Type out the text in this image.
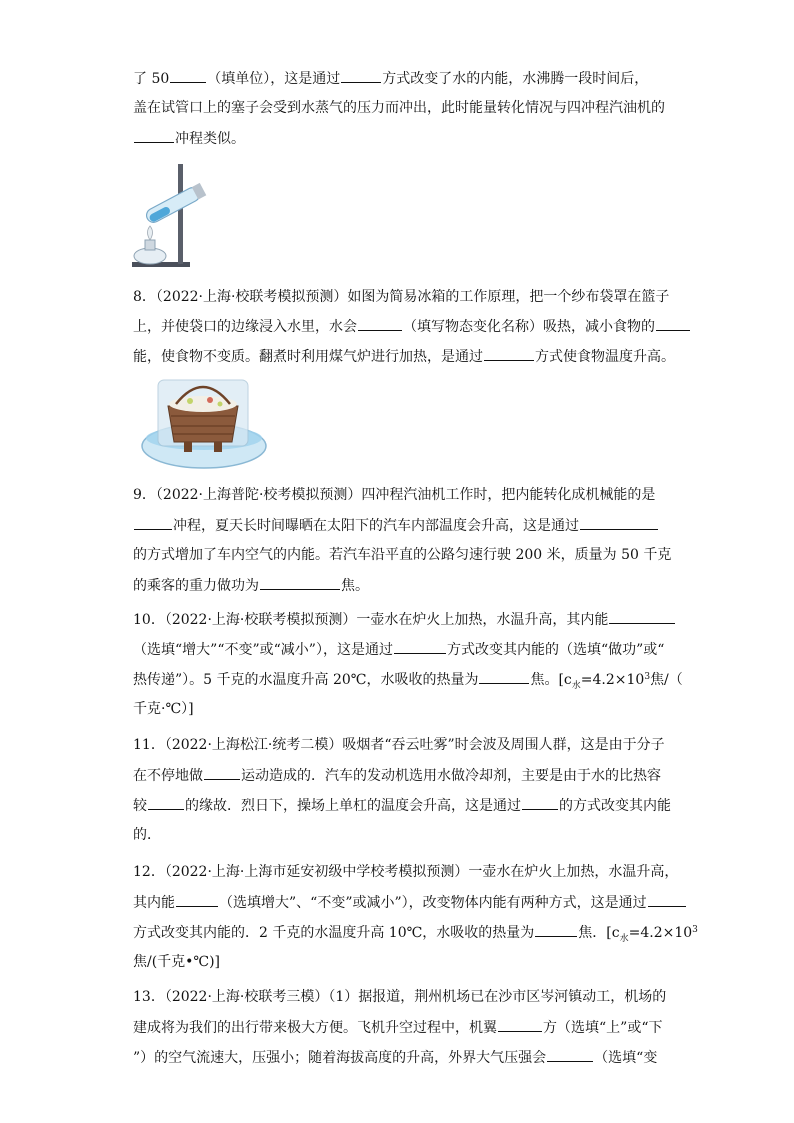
了 50	（填单位），这是通过	方式改变了水的内能，水沸腾一段时间后，
盖在试管口上的塞子会受到水蒸气的压力而冲出，此时能量转化情况与四冲程汽油机的
冲程类似。
8．（2022·上海·校联考模拟预测）如图为简易冰箱的工作原理，把一个纱布袋罩在篮子
上，并使袋口的边缘浸入水里，水会	（填写物态变化名称）吸热，减小食物的
能，使食物不变质。翻煮时利用煤气炉进行加热，是通过	方式使食物温度升高。
9．（2022·上海普陀·校考模拟预测）四冲程汽油机工作时，把内能转化成机械能的是
冲程，夏天长时间曝晒在太阳下的汽车内部温度会升高，这是通过
的方式增加了车内空气的内能。若汽车沿平直的公路匀速行驶 200 米，质量为 50 千克
的乘客的重力做功为	焦。
10．（2022·上海·校联考模拟预测）一壶水在炉火上加热，水温升高，其内能
（选填“增大”“不变”或“减小”），这是通过	方式改变其内能的（选填“做功”或“
热传递”）。5 千克的水温度升高 20℃，水吸收的热量为	焦。[$c_水=4.2\times 10^3$焦/（
千克·℃）]
11．（2022·上海松江·统考二模）吸烟者“吞云吐雾”时会波及周围人群，这是由于分子
在不停地做	运动造成的．汽车的发动机选用水做冷却剂，主要是由于水的比热容
较	的缘故．烈日下，操场上单杠的温度会升高，这是通过	的方式改变其内能
的．
12．（2022·上海·上海市延安初级中学校考模拟预测）一壶水在炉火上加热，水温升高，
其内能	（选填增大”、“不变”或减小”），改变物体内能有两种方式，这是通过
方式改变其内能的．2 千克的水温度升高 10℃，水吸收的热量为	焦．[$c_水=4.2\times 10^3$
焦/(千克•℃)]
13．（2022·上海·校联考三模）（1）据报道，荆州机场已在沙市区岑河镇动工，机场的
建成将为我们的出行带来极大方便。飞机升空过程中，机翼	方（选填“上”或“下
”）的空气流速大，压强小；随着海拔高度的升高，外界大气压强会	（选填“变
